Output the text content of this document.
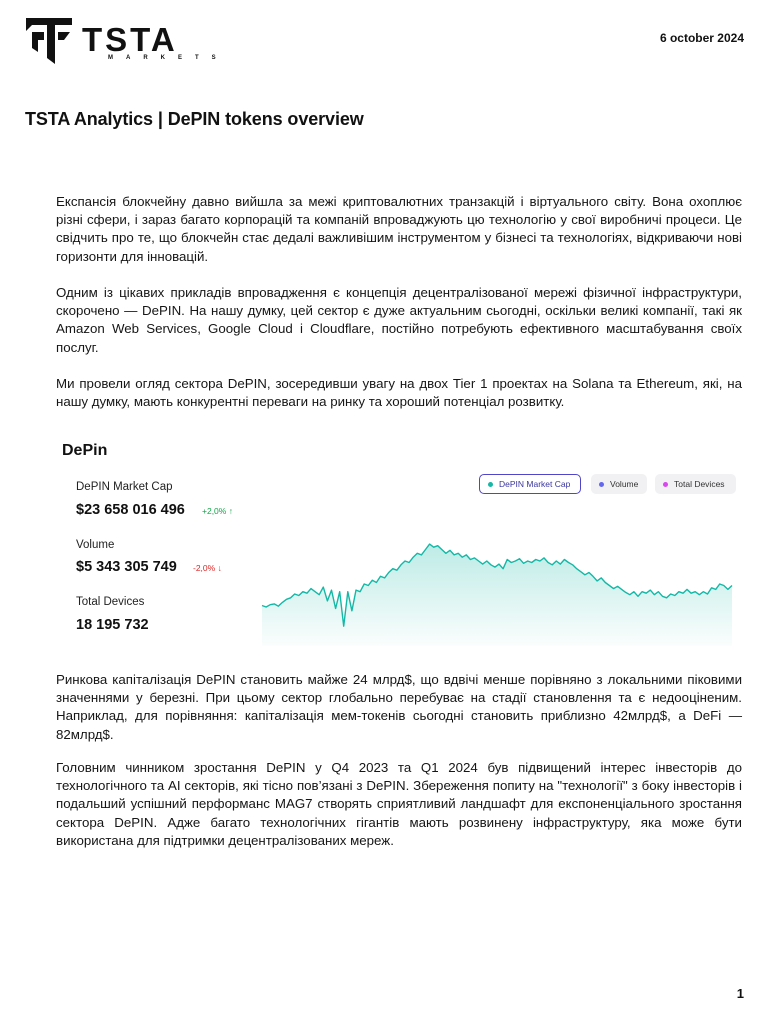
TSTA
MARKETS
6 october 2024
TSTA Analytics | DePIN tokens overview

Експансія блокчейну давно вийшла за межі криптовалютних транзакцій і віртуального світу. Вона охоплює різні сфери, і зараз багато корпорацій та компаній впроваджують цю технологію у свої виробничі процеси. Це свідчить про те, що блокчейн стає дедалі важливішим інструментом у бізнесі та технологіях, відкриваючи нові горизонти для інновацій.

Одним із цікавих прикладів впровадження є концепція децентралізованої мережі фізичної інфраструктури, скорочено — DePIN. На нашу думку, цей сектор є дуже актуальним сьогодні, оскільки великі компанії, такі як Amazon Web Services, Google Cloud і Cloudflare, постійно потребують ефективного масштабування своїх послуг.

Ми провели огляд сектора DePIN, зосередивши увагу на двох Tier 1 проектах на Solana та Ethereum, які, на нашу думку, мають конкурентні переваги на ринку та хороший потенціал розвитку.

DePin
DePIN Market Cap
$23 658 016 496 +2,0% ↑
Volume
$5 343 305 749 -2,0% ↓
Total Devices
18 195 732
DePIN Market Cap	Volume	Total Devices

Ринкова капіталізація DePIN становить майже 24 млрд$, що вдвічі менше порівняно з локальними піковими значеннями у березні. При цьому сектор глобально перебуває на стадії становлення та є недооціненим. Наприклад, для порівняння: капіталізація мем-токенів сьогодні становить приблизно 42млрд$, а DeFi — 82млрд$.

Головним чинником зростання DePIN у Q4 2023 та Q1 2024 був підвищений інтерес інвесторів до технологічного та AI секторів, які тісно пов’язані з DePIN. Збереження попиту на "технології" з боку інвесторів і подальший успішний перформанс MAG7 створять сприятливий ландшафт для експоненціального зростання сектора DePIN. Адже багато технологічних гігантів мають розвинену інфраструктуру, яка може бути використана для підтримки децентралізованих мереж.

1
